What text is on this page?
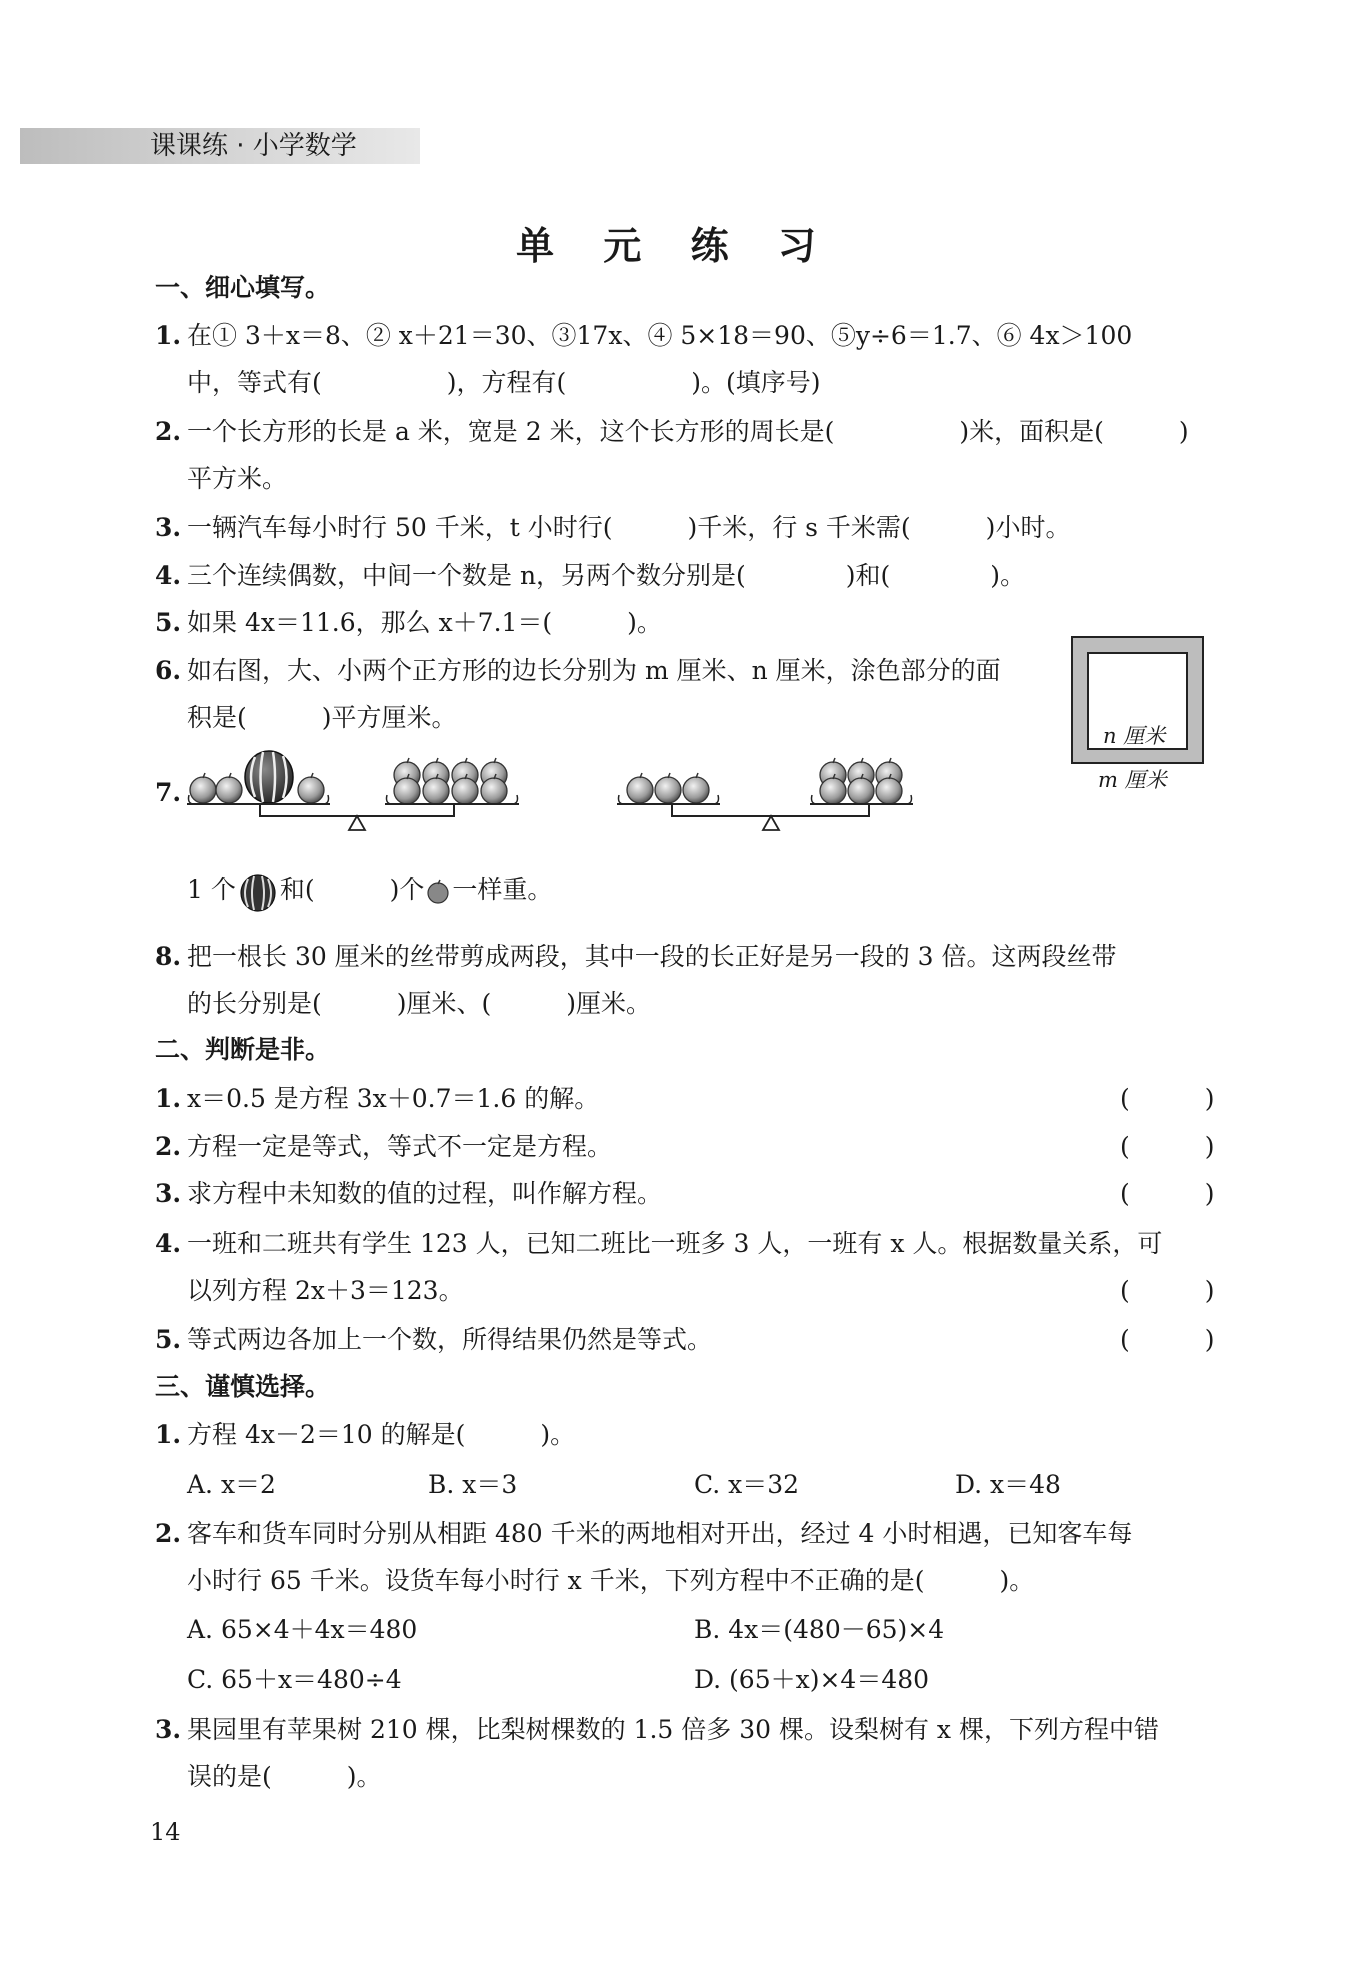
课课练 · 小学数学
单 元 练 习
一、细心填写。
1. 在① 3＋x＝8、② x＋21＝30、③17x、④ 5×18＝90、⑤y÷6＝1.7、⑥ 4x＞100
中，等式有(　　　　　)，方程有(　　　　　)。(填序号)
2. 一个长方形的长是 a 米，宽是 2 米，这个长方形的周长是(　　　　　)米，面积是(　　　)
平方米。
3. 一辆汽车每小时行 50 千米，t 小时行(　　　)千米，行 s 千米需(　　　)小时。
4. 三个连续偶数，中间一个数是 n，另两个数分别是(　　　　)和(　　　　)。
5. 如果 4x＝11.6，那么 x＋7.1＝(　　　)。
6. 如右图，大、小两个正方形的边长分别为 m 厘米、n 厘米，涂色部分的面
积是(　　　)平方厘米。
n 厘米
m 厘米
7.
1 个 和(　　　)个 一样重。
8. 把一根长 30 厘米的丝带剪成两段，其中一段的长正好是另一段的 3 倍。这两段丝带
的长分别是(　　　)厘米、(　　　)厘米。
二、判断是非。
1. x＝0.5 是方程 3x＋0.7＝1.6 的解。	(　　　)
2. 方程一定是等式，等式不一定是方程。	(　　　)
3. 求方程中未知数的值的过程，叫作解方程。	(　　　)
4. 一班和二班共有学生 123 人，已知二班比一班多 3 人，一班有 x 人。根据数量关系，可
以列方程 2x＋3＝123。	(　　　)
5. 等式两边各加上一个数，所得结果仍然是等式。	(　　　)
三、谨慎选择。
1. 方程 4x－2＝10 的解是(　　　)。
A. x＝2	B. x＝3	C. x＝32	D. x＝48
2. 客车和货车同时分别从相距 480 千米的两地相对开出，经过 4 小时相遇，已知客车每
小时行 65 千米。设货车每小时行 x 千米，下列方程中不正确的是(　　　)。
A. 65×4＋4x＝480	B. 4x＝(480－65)×4
C. 65＋x＝480÷4	D. (65＋x)×4＝480
3. 果园里有苹果树 210 棵，比梨树棵数的 1.5 倍多 30 棵。设梨树有 x 棵，下列方程中错
误的是(　　　)。
14
